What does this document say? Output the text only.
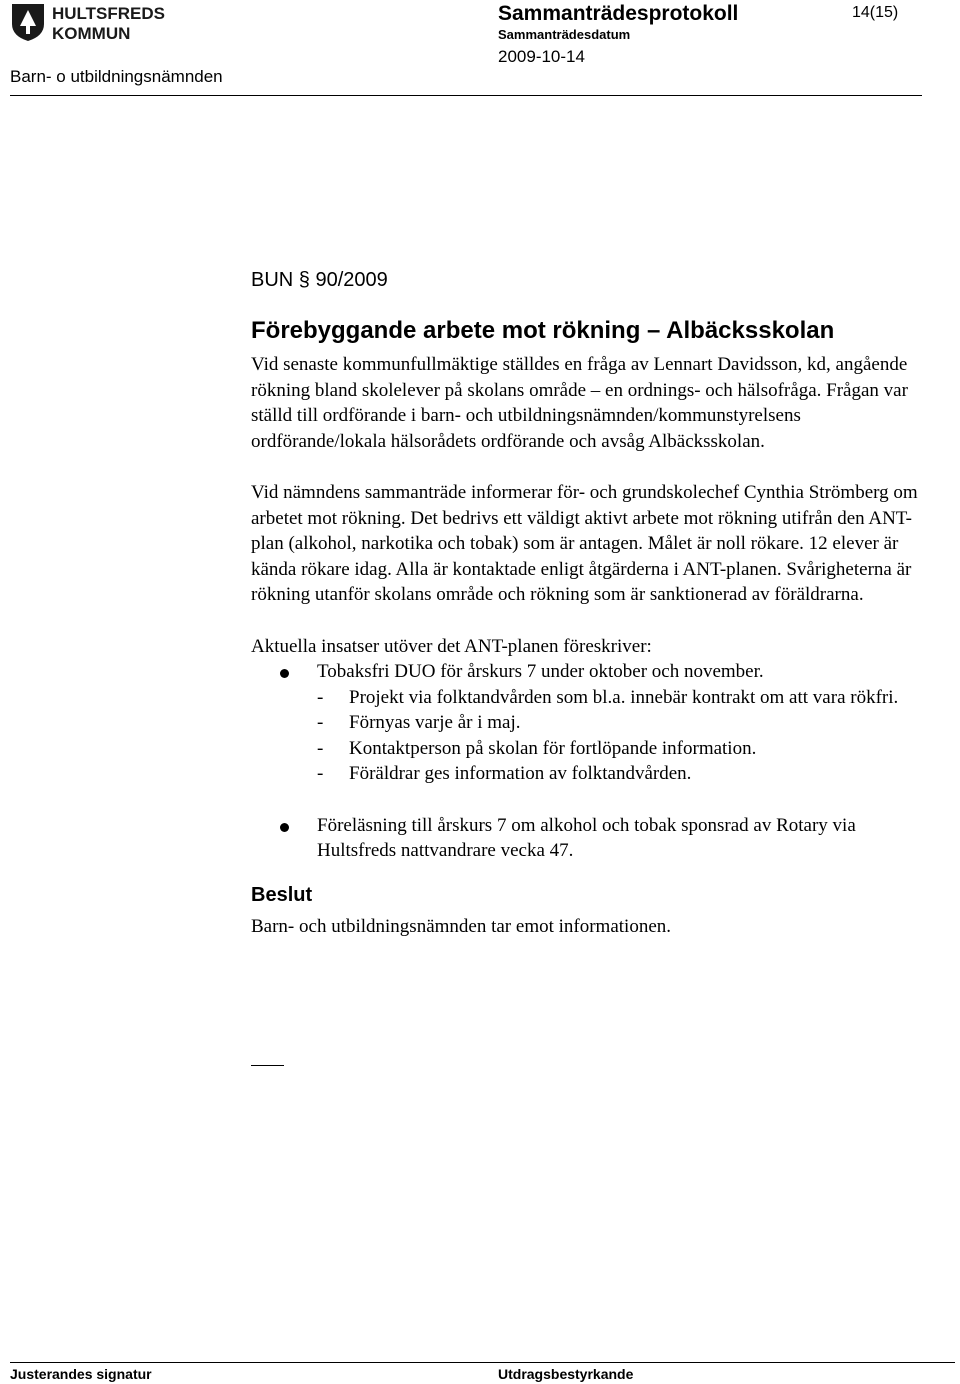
HULTSFREDS
KOMMUN
Sammanträdesprotokoll
Sammanträdesdatum
2009-10-14
14(15)
Barn- o utbildningsnämnden
BUN § 90/2009
Förebyggande arbete mot rökning – Albäcksskolan

Vid senaste kommunfullmäktige ställdes en fråga av Lennart Davidsson, kd, angående rökning bland skolelever på skolans område – en ordnings- och hälsofråga. Frågan var ställd till ordförande i barn- och utbildningsnämnden/kommunstyrelsens ordförande/lokala hälsorådets ordförande och avsåg Albäcksskolan.

Vid nämndens sammanträde informerar för- och grundskolechef Cynthia Strömberg om arbetet mot rökning. Det bedrivs ett väldigt aktivt arbete mot rökning utifrån den ANT-plan (alkohol, narkotika och tobak) som är antagen. Målet är noll rökare. 12 elever är kända rökare idag. Alla är kontaktade enligt åtgärderna i ANT-planen. Svårigheterna är rökning utanför skolans område och rökning som är sanktionerad av föräldrarna.

Aktuella insatser utöver det ANT-planen föreskriver:

Tobaksfri DUO för årskurs 7 under oktober och november.
- Projekt via folktandvården som bl.a. innebär kontrakt om att vara rökfri.
- Förnyas varje år i maj.
- Kontaktperson på skolan för fortlöpande information.
- Föräldrar ges information av folktandvården.
Föreläsning till årskurs 7 om alkohol och tobak sponsrad av Rotary via Hultsfreds nattvandrare vecka 47.
Beslut

Barn- och utbildningsnämnden tar emot informationen.

Justerandes signatur	Utdragsbestyrkande
